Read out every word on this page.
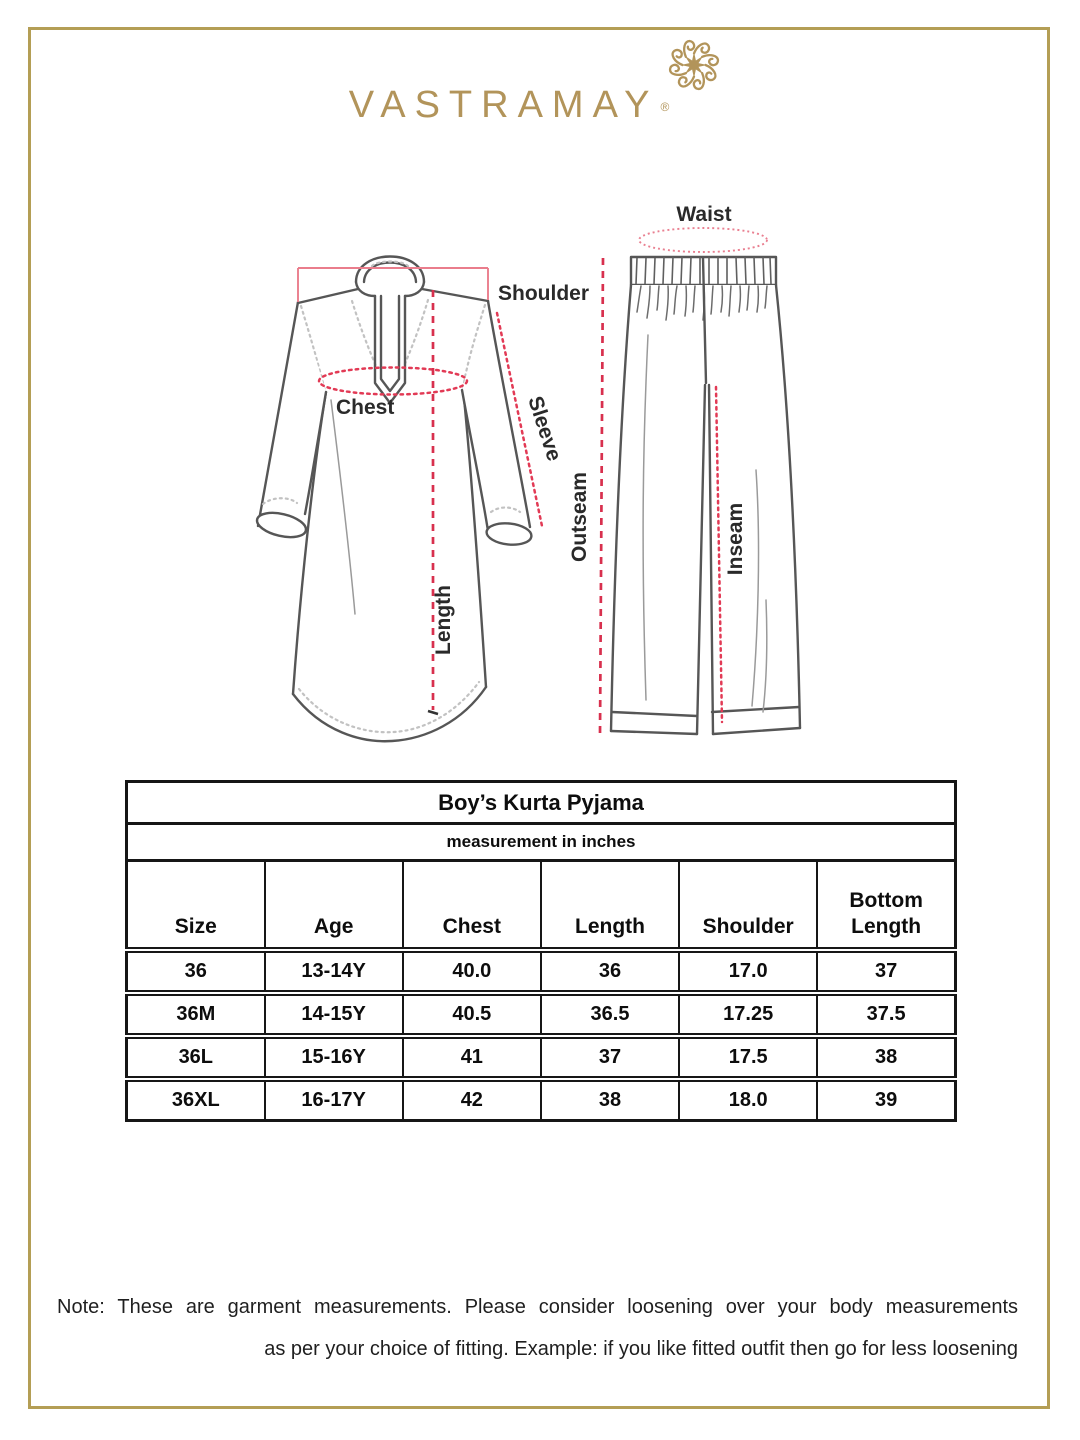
VASTRAMAY ®
Shoulder
Chest	Sleeve
Length
Waist
Outseam	Inseam
Boy’s Kurta Pyjama					
measurement in inches					
Size	Age	Chest	Length	Shoulder	Bottom Length
36	13-14Y	40.0	36	17.0	37
36M	14-15Y	40.5	36.5	17.25	37.5
36L	15-16Y	41	37	17.5	38
36XL	16-17Y	42	38	18.0	39
Note: These are garment measurements. Please consider loosening over your body measurements
as per your choice of fitting. Example: if you like fitted outfit then go for less loosening
